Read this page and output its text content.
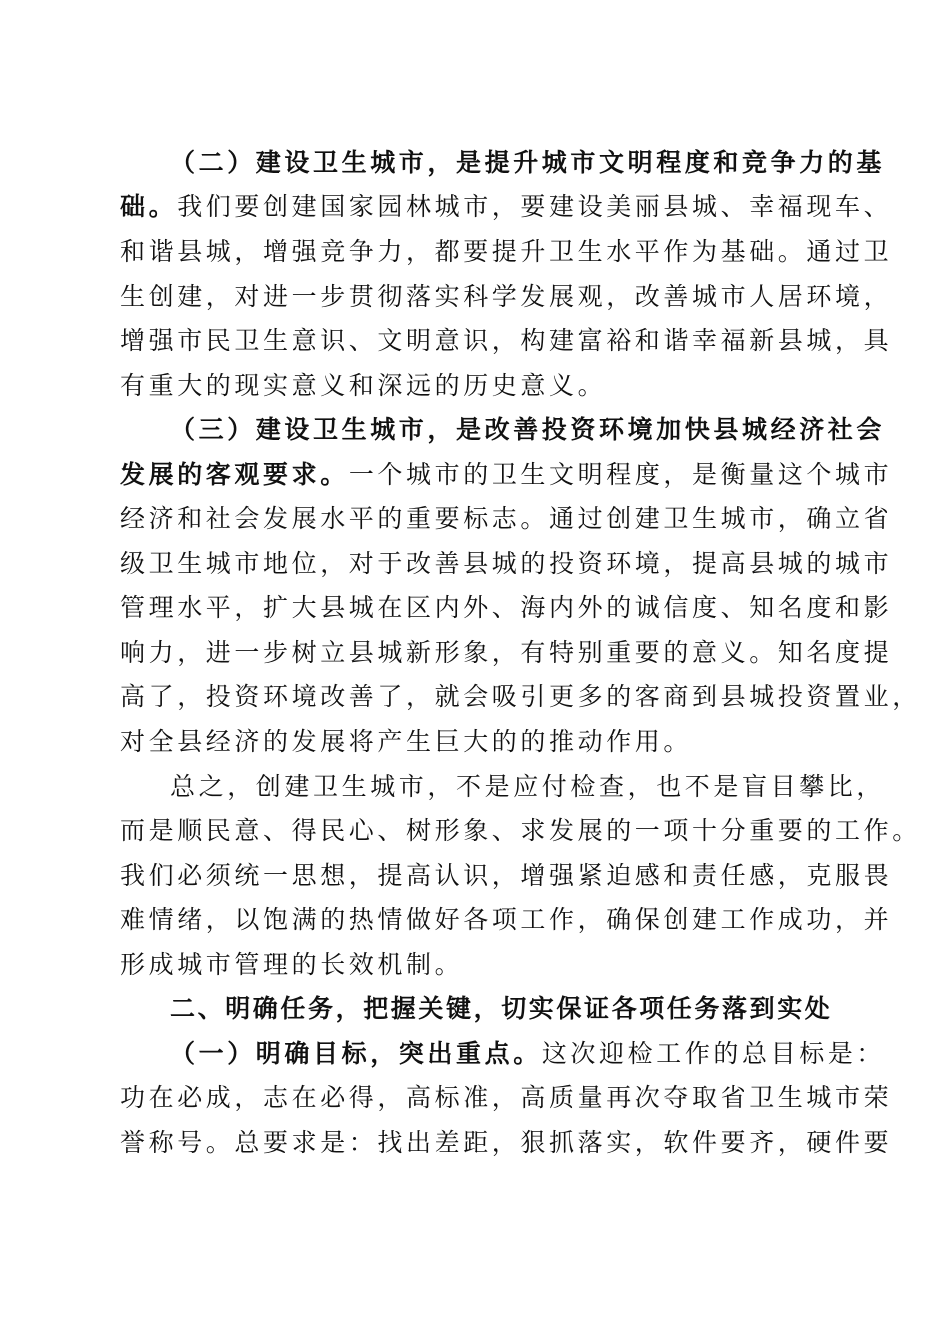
（二）建设卫生城市，是提升城市文明程度和竞争力的基
础。我们要创建国家园林城市，要建设美丽县城、幸福现车、
和谐县城，增强竞争力，都要提升卫生水平作为基础。通过卫
生创建，对进一步贯彻落实科学发展观，改善城市人居环境，
增强市民卫生意识、文明意识，构建富裕和谐幸福新县城，具
有重大的现实意义和深远的历史意义。
（三）建设卫生城市，是改善投资环境加快县城经济社会
发展的客观要求。一个城市的卫生文明程度，是衡量这个城市
经济和社会发展水平的重要标志。通过创建卫生城市，确立省
级卫生城市地位，对于改善县城的投资环境，提高县城的城市
管理水平，扩大县城在区内外、海内外的诚信度、知名度和影
响力，进一步树立县城新形象，有特别重要的意义。知名度提
高了，投资环境改善了，就会吸引更多的客商到县城投资置业，
对全县经济的发展将产生巨大的的推动作用。
总之，创建卫生城市，不是应付检查，也不是盲目攀比，
而是顺民意、得民心、树形象、求发展的一项十分重要的工作。
我们必须统一思想，提高认识，增强紧迫感和责任感，克服畏
难情绪，以饱满的热情做好各项工作，确保创建工作成功，并
形成城市管理的长效机制。
二、明确任务，把握关键，切实保证各项任务落到实处
（一）明确目标，突出重点。这次迎检工作的总目标是：
功在必成，志在必得，高标准，高质量再次夺取省卫生城市荣
誉称号。总要求是：找出差距，狠抓落实，软件要齐，硬件要
